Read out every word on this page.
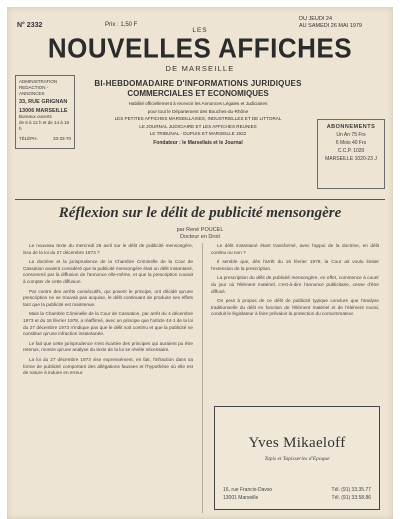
N° 2332	Prix : 1,50 F
DU JEUDI 24
AU SAMEDI 26 MAI 1979
LES
NOUVELLES AFFICHES
DE MARSEILLE
ADMINISTRATION
REDACTION - ANNONCES
33, RUE GRIGNAN
13006 MARSEILLE
Bureaux ouverts
de 8 à 12 h et de 14 à 18 h
TÉLÉPH.	33-33-70
BI-HEBDOMADAIRE D'INFORMATIONS JURIDIQUES
COMMERCIALES ET ECONOMIQUES
Habilité officiellement à recevoir les Annonces Légales et Judiciaires
pour tout le Département des Bouches-du-Rhône
LES PETITES AFFICHES MARSEILLAISES, INDUSTRIELLES ET DE LITTORAL
LE JOURNAL JUDICIAIRE ET LES AFFICHES REUNIES
LE TRIBUNAL - DUPUIS ET MARSEILLE 1922
Fondateur : le Marsellais et le Journal
ABONNEMENTS
Un An 75 Frs
6 Mois 40 Frs
C.C.P. 1020
MARSEILLE 1020-23 J
Réflexion sur le délit de publicité mensongère
par René POUCEL
Docteur en Droit

Le nouveau texte du mercredi 26 avril sur le délit de publicité mensongère, issu de la loi du 27 décembre 1973 ?

La doctrine et la jurisprudence de la Chambre Criminelle de la Cour de Cassation avaient considéré que la publicité mensongère était un délit instantané, consommé par la diffusion de l'annonce elle-même, et que la prescription courait à compter de cette diffusion.

Par contre des arrêts consécutifs, qui posent le principe, ont décidé qu'une prescription ne se trouvait pas acquise, le délit continuant de produire ses effets tant que la publicité est maintenue.

Mais la Chambre Criminelle de la Cour de Cassation, par arrêt du 4 décembre 1973 et du 16 février 1978, a réaffirmé, avec un principe que l'article 44-1 de la loi du 27 décembre 1973 n'indique pas que le délit soit continu et que la publicité ne constitue qu'une infraction instantanée.

Le fait que cette jurisprudence s'est écartée des principes qui auraient pu être retenus, montre qu'une analyse du texte de la loi se révèle nécessaire.

La loi du 27 décembre 1973 vise expressément, en fait, l'infraction dans sa forme de publicité comportant des allégations fausses et l'hypothèse où elle est de nature à induire en erreur.

Le délit instantané étant transformé, avec l'appui de la doctrine, en délit continu ou non ?

Il semble que, dès l'arrêt du 16 février 1978, la Cour ait voulu limiter l'extension de la prescription.

La prescription du délit de publicité mensongère, en effet, commence à courir du jour où l'élément matériel, c'est-à-dire l'annonce publicitaire, cesse d'être diffusé.

On peut à propos de ce délit de publicité typique conclure que l'analyse traditionnelle du délit en fonction de l'élément matériel et de l'élément moral, conduit le législateur à faire prévaloir la protection du consommateur.

Yves Mikaeloff
Tapis et Tapisseries d'Epoque
16, rue Francis-Davso
13001 Marseille
Tél. (91) 33.35.77
Tél. (91) 33.58.86
